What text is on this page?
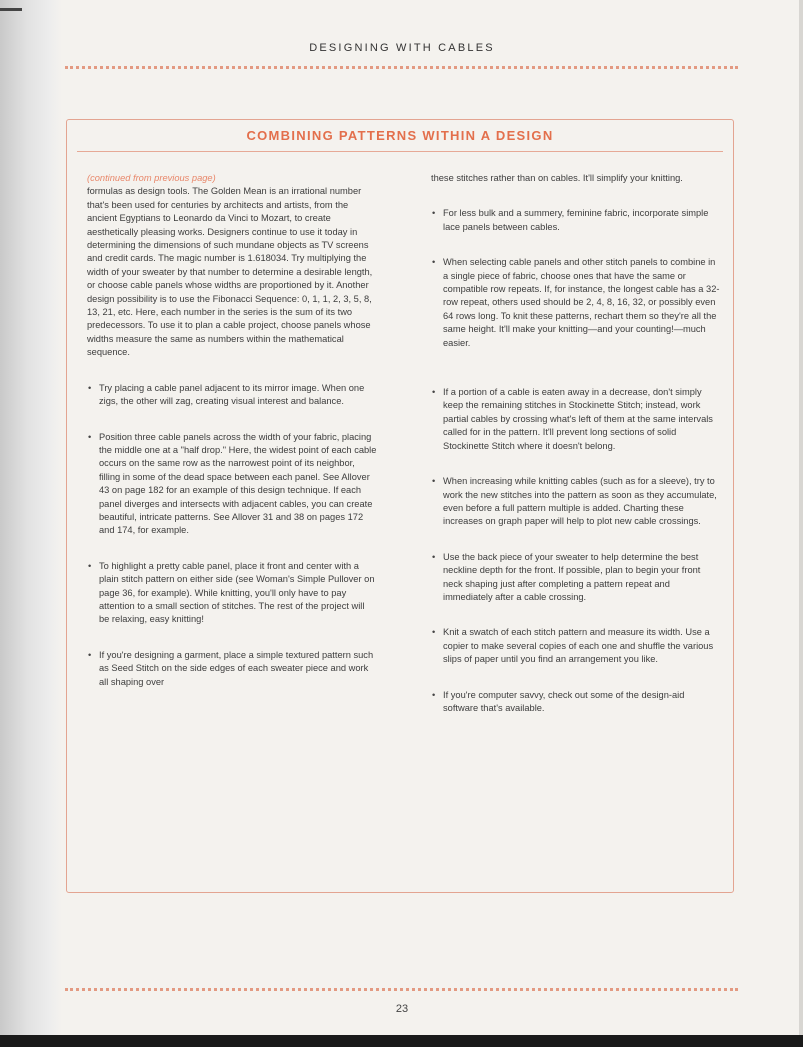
DESIGNING WITH CABLES
COMBINING PATTERNS WITHIN A DESIGN

(continued from previous page)
formulas as design tools. The Golden Mean is an irrational number that's been used for centuries by architects and artists, from the ancient Egyptians to Leonardo da Vinci to Mozart, to create aesthetically pleasing works. Designers continue to use it today in determining the dimensions of such mundane objects as TV screens and credit cards. The magic number is 1.618034. Try multiplying the width of your sweater by that number to determine a desirable length, or choose cable panels whose widths are proportioned by it. Another design possibility is to use the Fibonacci Sequence: 0, 1, 1, 2, 3, 5, 8, 13, 21, etc. Here, each number in the series is the sum of its two predecessors. To use it to plan a cable project, choose panels whose widths measure the same as numbers within the mathematical sequence.

• Try placing a cable panel adjacent to its mirror image. When one zigs, the other will zag, creating visual interest and balance.
• Position three cable panels across the width of your fabric, placing the middle one at a "half drop." Here, the widest point of each cable occurs on the same row as the narrowest point of its neighbor, filling in some of the dead space between each panel. See Allover 43 on page 182 for an example of this design technique. If each panel diverges and intersects with adjacent cables, you can create beautiful, intricate patterns. See Allover 31 and 38 on pages 172 and 174, for example.
• To highlight a pretty cable panel, place it front and center with a plain stitch pattern on either side (see Woman's Simple Pullover on page 36, for example). While knitting, you'll only have to pay attention to a small section of stitches. The rest of the project will be relaxing, easy knitting!
• If you're designing a garment, place a simple textured pattern such as Seed Stitch on the side edges of each sweater piece and work all shaping over

these stitches rather than on cables. It'll simplify your knitting.

• For less bulk and a summery, feminine fabric, incorporate simple lace panels between cables.
• When selecting cable panels and other stitch panels to combine in a single piece of fabric, choose ones that have the same or compatible row repeats. If, for instance, the longest cable has a 32-row repeat, others used should be 2, 4, 8, 16, 32, or possibly even 64 rows long. To knit these patterns, rechart them so they're all the same height. It'll make your knitting—and your counting!—much easier.
• If a portion of a cable is eaten away in a decrease, don't simply keep the remaining stitches in Stockinette Stitch; instead, work partial cables by crossing what's left of them at the same intervals called for in the pattern. It'll prevent long sections of solid Stockinette Stitch where it doesn't belong.
• When increasing while knitting cables (such as for a sleeve), try to work the new stitches into the pattern as soon as they accumulate, even before a full pattern multiple is added. Charting these increases on graph paper will help to plot new cable crossings.
• Use the back piece of your sweater to help determine the best neckline depth for the front. If possible, plan to begin your front neck shaping just after completing a pattern repeat and immediately after a cable crossing.
• Knit a swatch of each stitch pattern and measure its width. Use a copier to make several copies of each one and shuffle the various slips of paper until you find an arrangement you like.
• If you're computer savvy, check out some of the design-aid software that's available.
23
